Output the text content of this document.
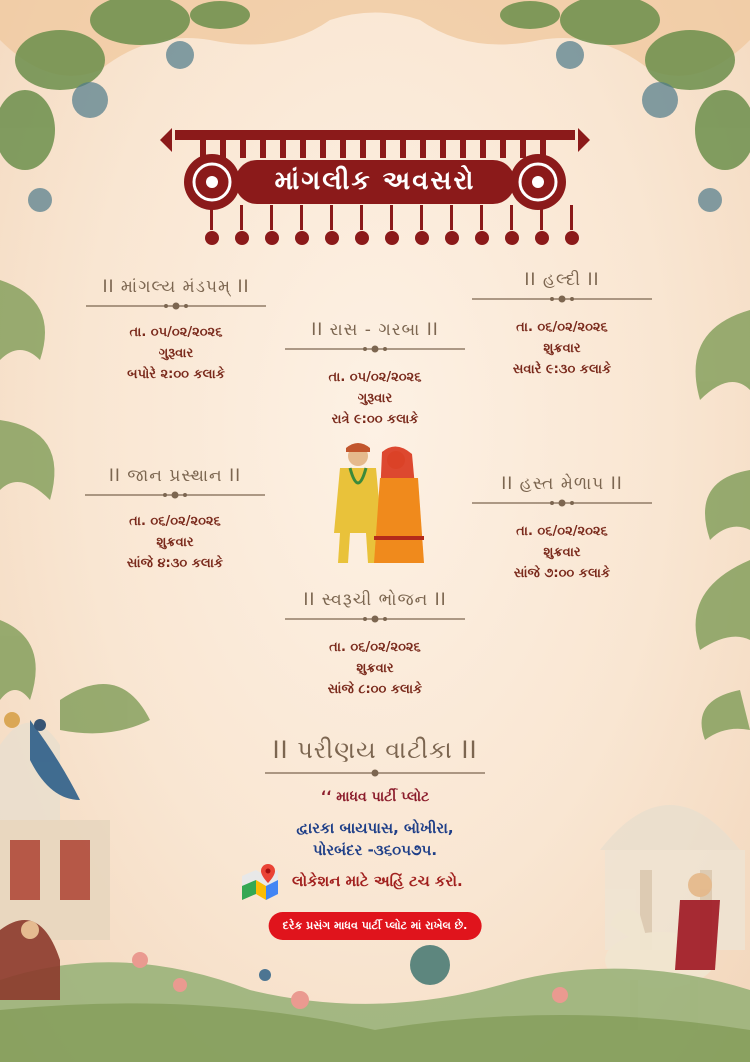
માંગલીક અવસરો
II માંગલ્ય મંડપમ્ II
તા. ૦૫/૦૨/૨૦૨૬
ગુરૂવાર
બપોરે ૨:૦૦ કલાકે
II રાસ - ગરબા II
તા. ૦૫/૦૨/૨૦૨૬
ગુરૂવાર
રાત્રે ૯:૦૦ કલાકે
II હલ્દી II
તા. ૦૬/૦૨/૨૦૨૬
શુક્રવાર
સવારે ૯:૩૦ કલાકે
II જાન પ્રસ્થાન II
તા. ૦૬/૦૨/૨૦૨૬
શુક્રવાર
સાંજે ૪:૩૦ કલાકે
II હસ્ત મેળાપ II
તા. ૦૬/૦૨/૨૦૨૬
શુક્રવાર
સાંજે ૭:૦૦ કલાકે
II સ્વરૂચી ભોજન II
તા. ૦૬/૦૨/૨૦૨૬
શુક્રવાર
સાંજે ૮:૦૦ કલાકે
II પરીણય વાટીકા II
‘‘ માધવ પાર્ટી પ્લોટ
દ્વારકા બાયપાસ, બોખીરા,
પોરબંદર -૩૬૦૫૭૫.
લોકેશન માટે અહિં ટચ કરો.
દરેક પ્રસંગ માધવ પાર્ટી પ્લોટ માં રાખેલ છે.
